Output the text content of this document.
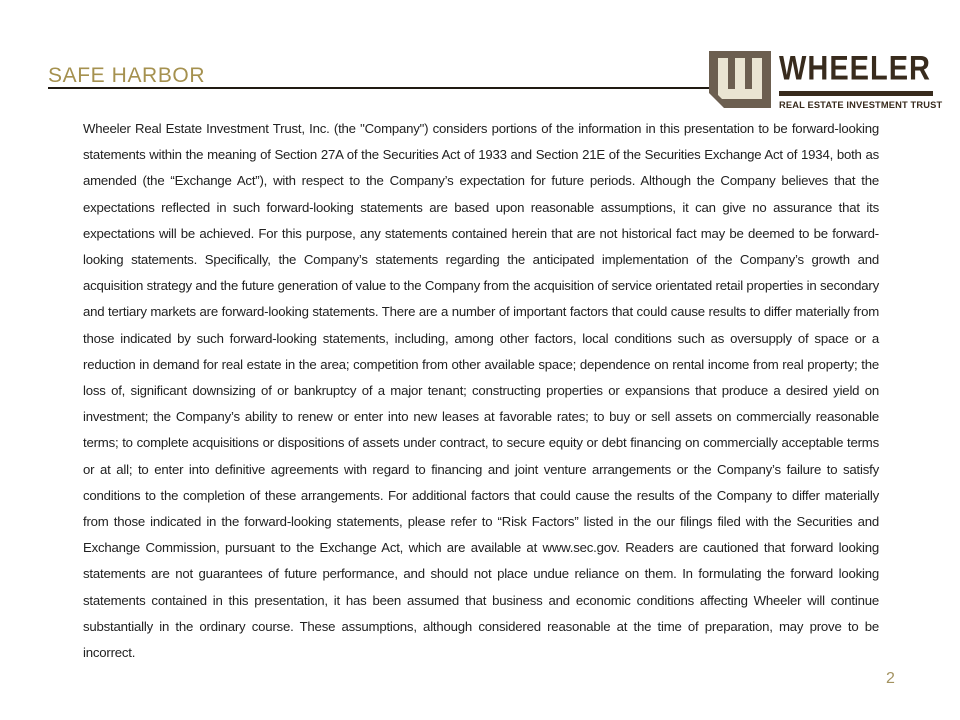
SAFE HARBOR	WHEELER
REAL ESTATE INVESTMENT TRUST
Wheeler Real Estate Investment Trust, Inc. (the "Company") considers portions of the information in this presentation to be forward-looking statements within the meaning of Section 27A of the Securities Act of 1933 and Section 21E of the Securities Exchange Act of 1934, both as amended (the “Exchange Act”), with respect to the Company’s expectation for future periods. Although the Company believes that the expectations reflected in such forward-looking statements are based upon reasonable assumptions, it can give no assurance that its expectations will be achieved. For this purpose, any statements contained herein that are not historical fact may be deemed to be forward-looking statements. Specifically, the Company’s statements regarding the anticipated implementation of the Company’s growth and acquisition strategy and the future generation of value to the Company from the acquisition of service orientated retail properties in secondary and tertiary markets are forward-looking statements. There are a number of important factors that could cause results to differ materially from those indicated by such forward-looking statements, including, among other factors, local conditions such as oversupply of space or a reduction in demand for real estate in the area; competition from other available space; dependence on rental income from real property; the loss of, significant downsizing of or bankruptcy of a major tenant; constructing properties or expansions that produce a desired yield on investment; the Company’s ability to renew or enter into new leases at favorable rates; to buy or sell assets on commercially reasonable terms; to complete acquisitions or dispositions of assets under contract, to secure equity or debt financing on commercially acceptable terms or at all; to enter into definitive agreements with regard to financing and joint venture arrangements or the Company’s failure to satisfy conditions to the completion of these arrangements. For additional factors that could cause the results of the Company to differ materially from those indicated in the forward-looking statements, please refer to “Risk Factors” listed in the our filings filed with the Securities and Exchange Commission, pursuant to the Exchange Act, which are available at www.sec.gov. Readers are cautioned that forward looking statements are not guarantees of future performance, and should not place undue reliance on them. In formulating the forward looking statements contained in this presentation, it has been assumed that business and economic conditions affecting Wheeler will continue substantially in the ordinary course. These assumptions, although considered reasonable at the time of preparation, may prove to be incorrect.
2
